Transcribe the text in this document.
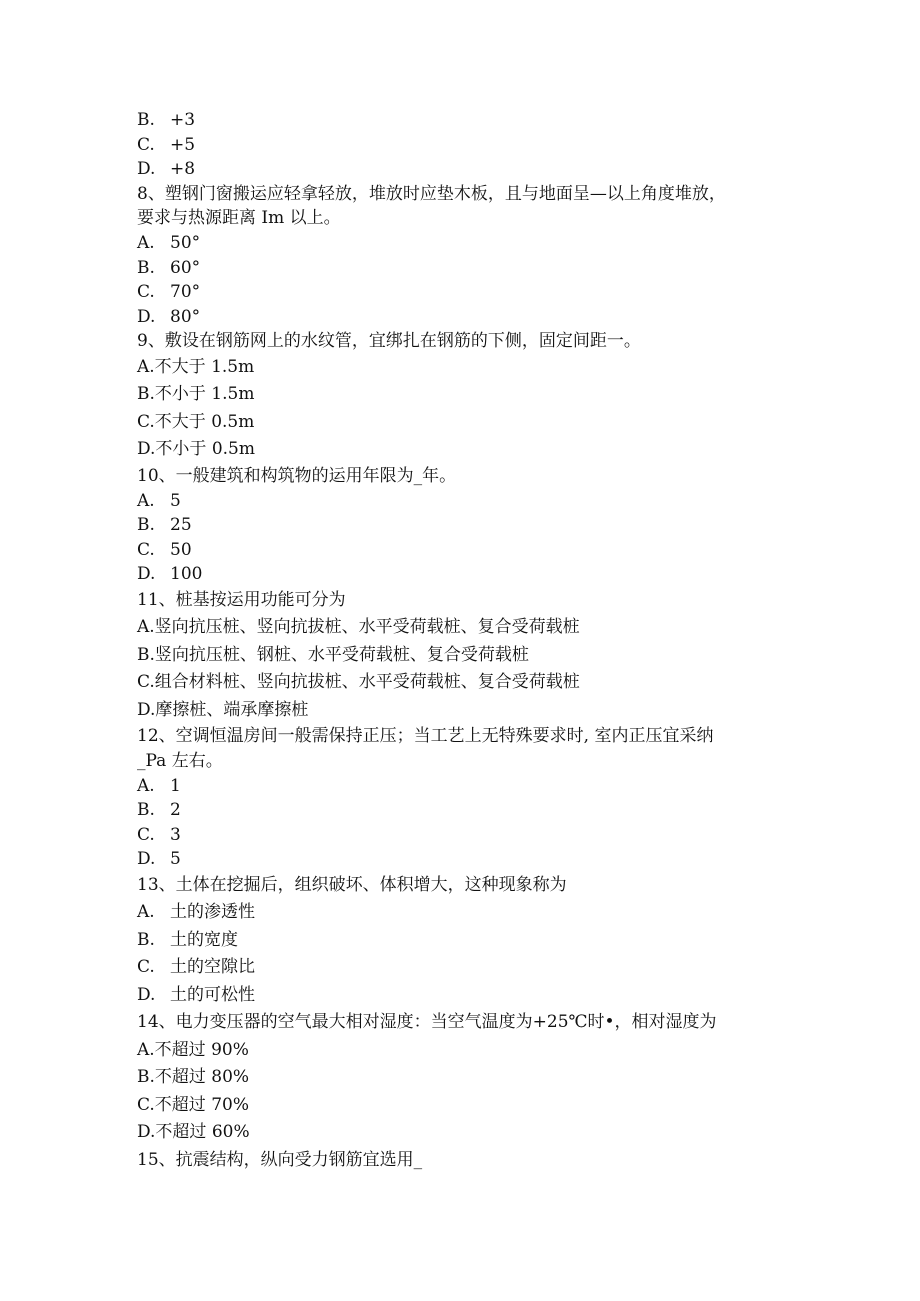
B. +3
C. +5
D. +8
8、塑钢门窗搬运应轻拿轻放，堆放时应垫木板，且与地面呈—以上角度堆放，
要求与热源距离 Im 以上。
A. 50°
B. 60°
C. 70°
D. 80°
9、敷设在钢筋网上的水纹管，宜绑扎在钢筋的下侧，固定间距一。
A.不大于 1.5m
B.不小于 1.5m
C.不大于 0.5m
D.不小于 0.5m
10、一般建筑和构筑物的运用年限为_年。
A. 5
B. 25
C. 50
D. 100
11、桩基按运用功能可分为
A.竖向抗压桩、竖向抗拔桩、水平受荷载桩、复合受荷载桩
B.竖向抗压桩、钢桩、水平受荷载桩、复合受荷载桩
C.组合材料桩、竖向抗拔桩、水平受荷载桩、复合受荷载桩
D.摩擦桩、端承摩擦桩
12、空调恒温房间一般需保持正压；当工艺上无特殊要求时, 室内正压宜采纳
_Pa 左右。
A. 1
B. 2
C. 3
D. 5
13、土体在挖掘后，组织破坏、体积增大，这种现象称为
A. 土的渗透性
B. 土的宽度
C. 土的空隙比
D. 土的可松性
14、电力变压器的空气最大相对湿度：当空气温度为+25℃时•，相对湿度为
A.不超过 90%
B.不超过 80%
C.不超过 70%
D.不超过 60%
15、抗震结构，纵向受力钢筋宜选用_
